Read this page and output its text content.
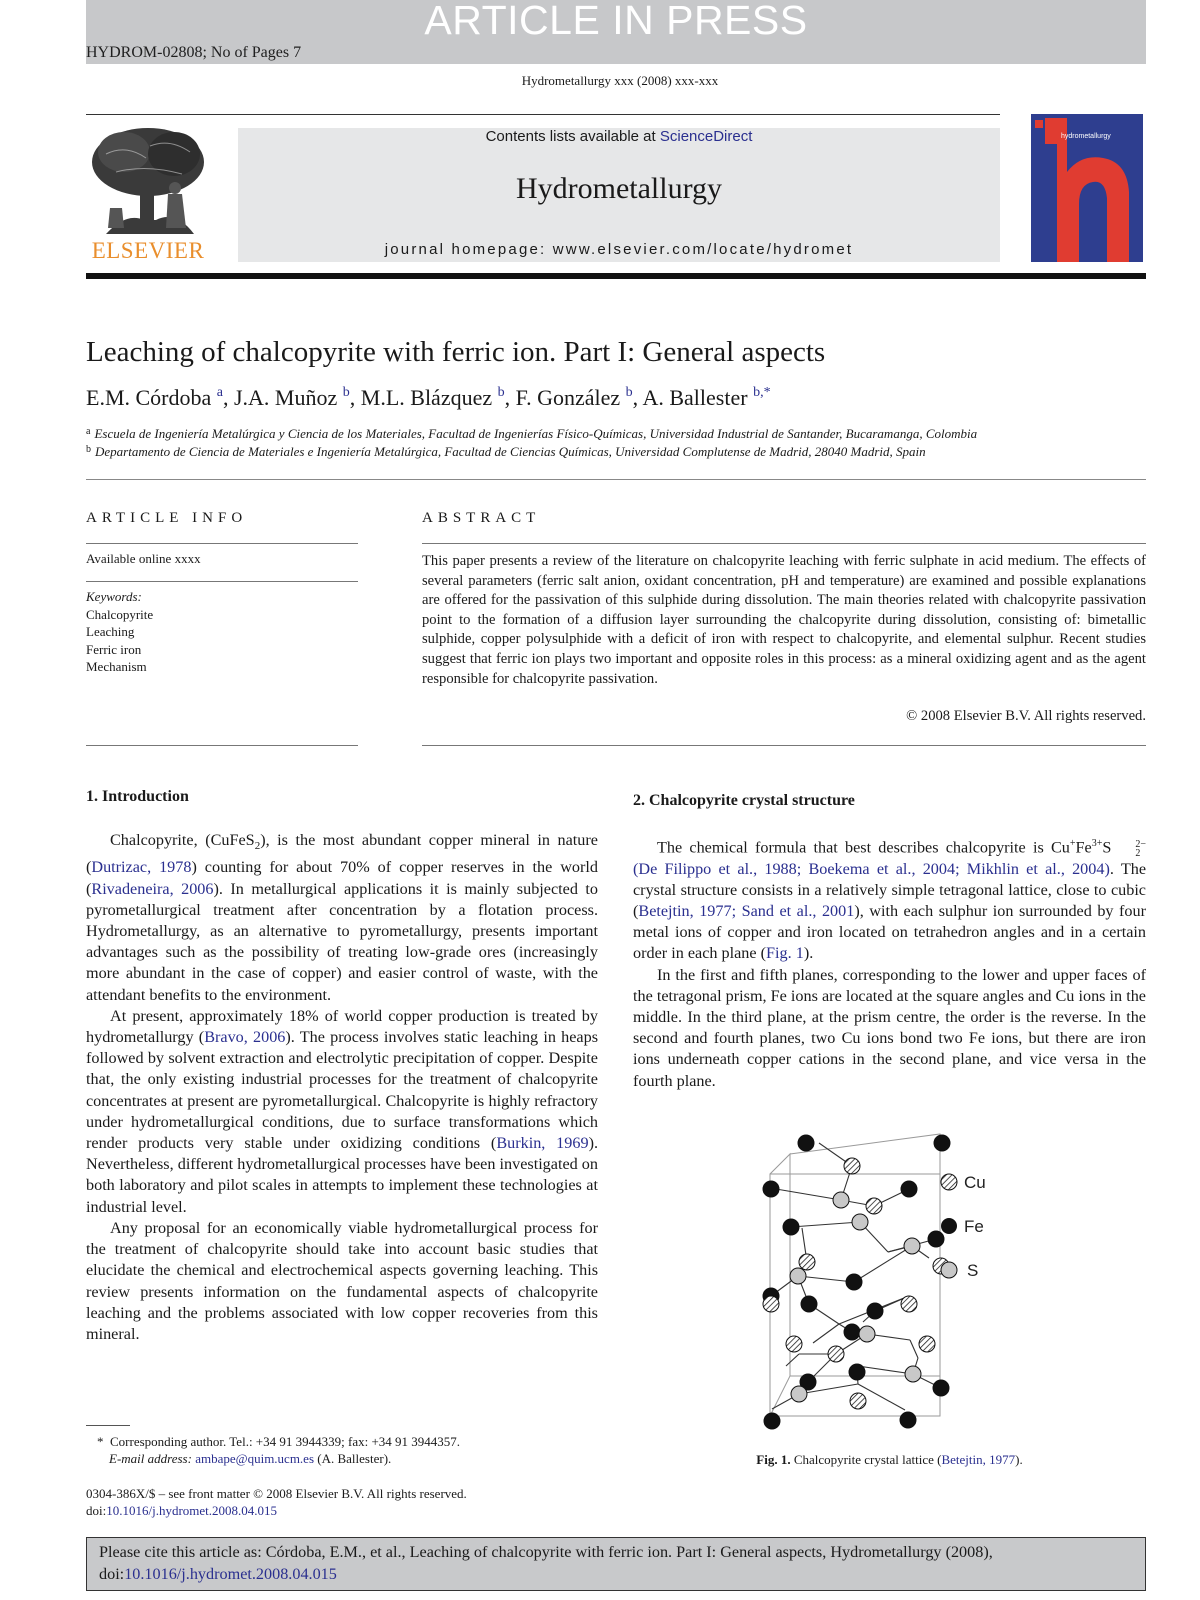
ARTICLE IN PRESS
HYDROM-02808; No of Pages 7
Hydrometallurgy xxx (2008) xxx-xxx
ELSEVIER
Contents lists available at ScienceDirect
Hydrometallurgy
journal homepage: www.elsevier.com/locate/hydromet
hydrometallurgy
Leaching of chalcopyrite with ferric ion. Part I: General aspects
E.M. Córdoba $^a$, J.A. Muñoz $^b$, M.L. Blázquez $^b$, F. González $^b$, A. Ballester $^{b,*}$
$^a$ Escuela de Ingeniería Metalúrgica y Ciencia de los Materiales, Facultad de Ingenierías Físico-Químicas, Universidad Industrial de Santander, Bucaramanga, Colombia
$^b$ Departamento de Ciencia de Materiales e Ingeniería Metalúrgica, Facultad de Ciencias Químicas, Universidad Complutense de Madrid, 28040 Madrid, Spain
ARTICLE INFO	ABSTRACT
Available online xxxx
Keywords:
Chalcopyrite
Leaching
Ferric iron
Mechanism
This paper presents a review of the literature on chalcopyrite leaching with ferric sulphate in acid medium. The effects of several parameters (ferric salt anion, oxidant concentration, pH and temperature) are examined and possible explanations are offered for the passivation of this sulphide during dissolution. The main theories related with chalcopyrite passivation point to the formation of a diffusion layer surrounding the chalcopyrite during dissolution, consisting of: bimetallic sulphide, copper polysulphide with a deficit of iron with respect to chalcopyrite, and elemental sulphur. Recent studies suggest that ferric ion plays two important and opposite roles in this process: as a mineral oxidizing agent and as the agent responsible for chalcopyrite passivation.
© 2008 Elsevier B.V. All rights reserved.
1. Introduction

Chalcopyrite, (CuFeS$_2$), is the most abundant copper mineral in nature (Dutrizac, 1978) counting for about 70% of copper reserves in the world (Rivadeneira, 2006). In metallurgical applications it is mainly subjected to pyrometallurgical treatment after concentration by a flotation process. Hydrometallurgy, as an alternative to pyrometallurgy, presents important advantages such as the possibility of treating low-grade ores (increasingly more abundant in the case of copper) and easier control of waste, with the attendant benefits to the environment.

At present, approximately 18% of world copper production is treated by hydrometallurgy (Bravo, 2006). The process involves static leaching in heaps followed by solvent extraction and electrolytic precipitation of copper. Despite that, the only existing industrial processes for the treatment of chalcopyrite concentrates at present are pyrometallurgical. Chalcopyrite is highly refractory under hydrometallurgical conditions, due to surface transformations which render products very stable under oxidizing conditions (Burkin, 1969). Nevertheless, different hydrometallurgical processes have been investigated on both laboratory and pilot scales in attempts to implement these technologies at industrial level.

Any proposal for an economically viable hydrometallurgical process for the treatment of chalcopyrite should take into account basic studies that elucidate the chemical and electrochemical aspects governing leaching. This review presents information on the fundamental aspects of chalcopyrite leaching and the problems associated with low copper recoveries from this mineral.

2. Chalcopyrite crystal structure

The chemical formula that best describes chalcopyrite is $Cu^+Fe^{3+}S$	2−
2
(De Filippo et al., 1988; Boekema et al., 2004; Mikhlin et al., 2004). The crystal structure consists in a relatively simple tetragonal lattice, close to cubic (Betejtin, 1977; Sand et al., 2001), with each sulphur ion surrounded by four metal ions of copper and iron located on tetrahedron angles and in a certain order in each plane (Fig. 1).

In the first and fifth planes, corresponding to the lower and upper faces of the tetragonal prism, Fe ions are located at the square angles and Cu ions in the middle. In the third plane, at the prism centre, the order is the reverse. In the second and fourth planes, two Cu ions bond two Fe ions, but there are iron ions underneath copper cations in the second plane, and vice versa in the fourth plane.

Cu
Fe
S
Fig. 1. Chalcopyrite crystal lattice (Betejtin, 1977).
* Corresponding author. Tel.: +34 91 3944339; fax: +34 91 3944357.
E-mail address: ambape@quim.ucm.es (A. Ballester).
0304-386X/$ – see front matter © 2008 Elsevier B.V. All rights reserved.
doi:10.1016/j.hydromet.2008.04.015
Please cite this article as: Córdoba, E.M., et al., Leaching of chalcopyrite with ferric ion. Part I: General aspects, Hydrometallurgy (2008),
doi:10.1016/j.hydromet.2008.04.015
